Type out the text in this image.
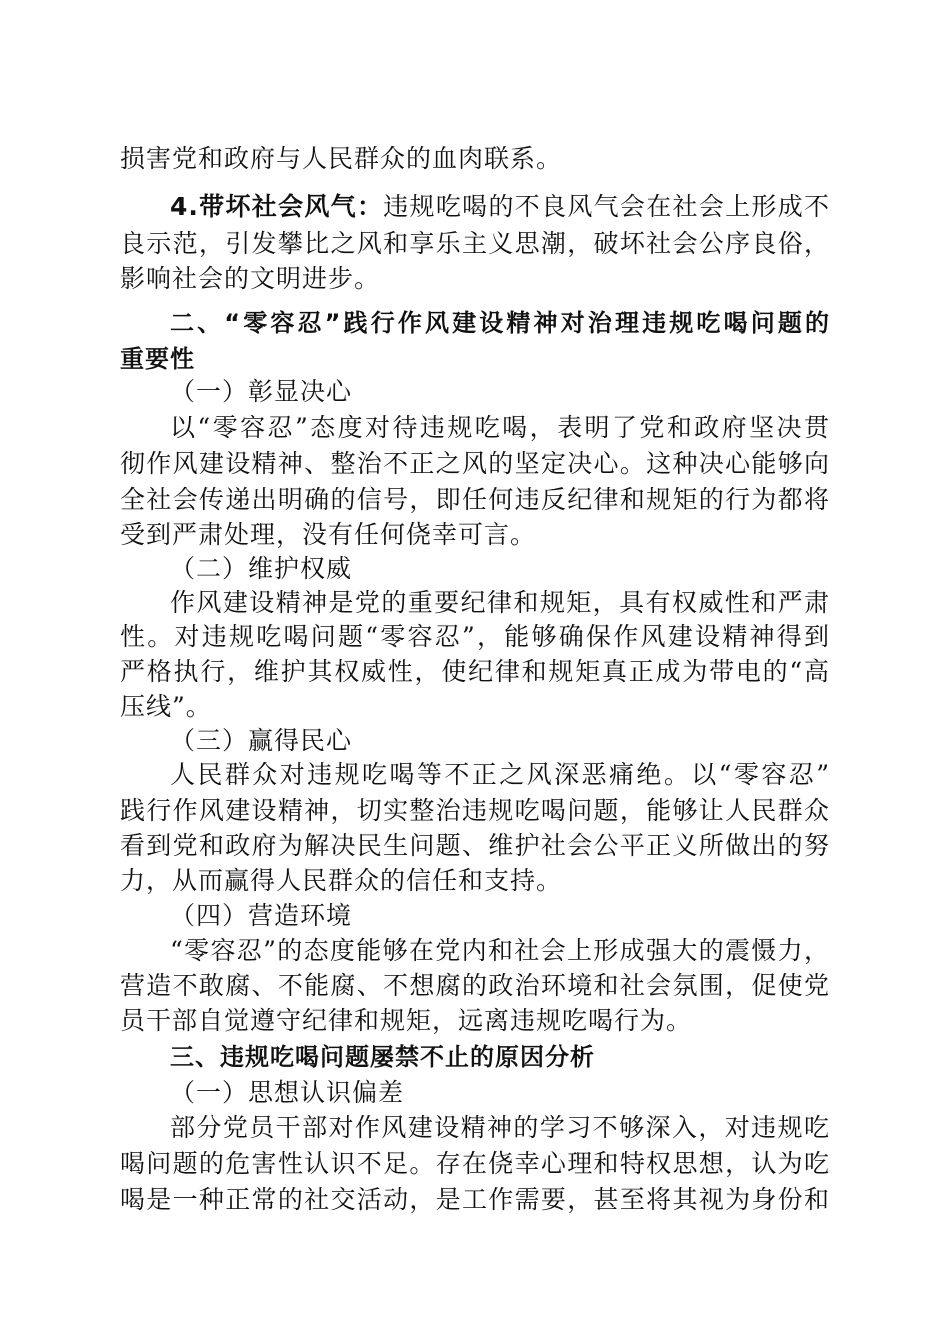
损害党和政府与人民群众的血肉联系。
4.带坏社会风气：违规吃喝的不良风气会在社会上形成不
良示范，引发攀比之风和享乐主义思潮，破坏社会公序良俗，
影响社会的文明进步。
二、“零容忍”践行作风建设精神对治理违规吃喝问题的
重要性
（一）彰显决心
以“零容忍”态度对待违规吃喝，表明了党和政府坚决贯
彻作风建设精神、整治不正之风的坚定决心。这种决心能够向
全社会传递出明确的信号，即任何违反纪律和规矩的行为都将
受到严肃处理，没有任何侥幸可言。
（二）维护权威
作风建设精神是党的重要纪律和规矩，具有权威性和严肃
性。对违规吃喝问题“零容忍”，能够确保作风建设精神得到
严格执行，维护其权威性，使纪律和规矩真正成为带电的“高
压线”。
（三）赢得民心
人民群众对违规吃喝等不正之风深恶痛绝。以“零容忍”
践行作风建设精神，切实整治违规吃喝问题，能够让人民群众
看到党和政府为解决民生问题、维护社会公平正义所做出的努
力，从而赢得人民群众的信任和支持。
（四）营造环境
“零容忍”的态度能够在党内和社会上形成强大的震慑力，
营造不敢腐、不能腐、不想腐的政治环境和社会氛围，促使党
员干部自觉遵守纪律和规矩，远离违规吃喝行为。
三、违规吃喝问题屡禁不止的原因分析
（一）思想认识偏差
部分党员干部对作风建设精神的学习不够深入，对违规吃
喝问题的危害性认识不足。存在侥幸心理和特权思想，认为吃
喝是一种正常的社交活动，是工作需要，甚至将其视为身份和
